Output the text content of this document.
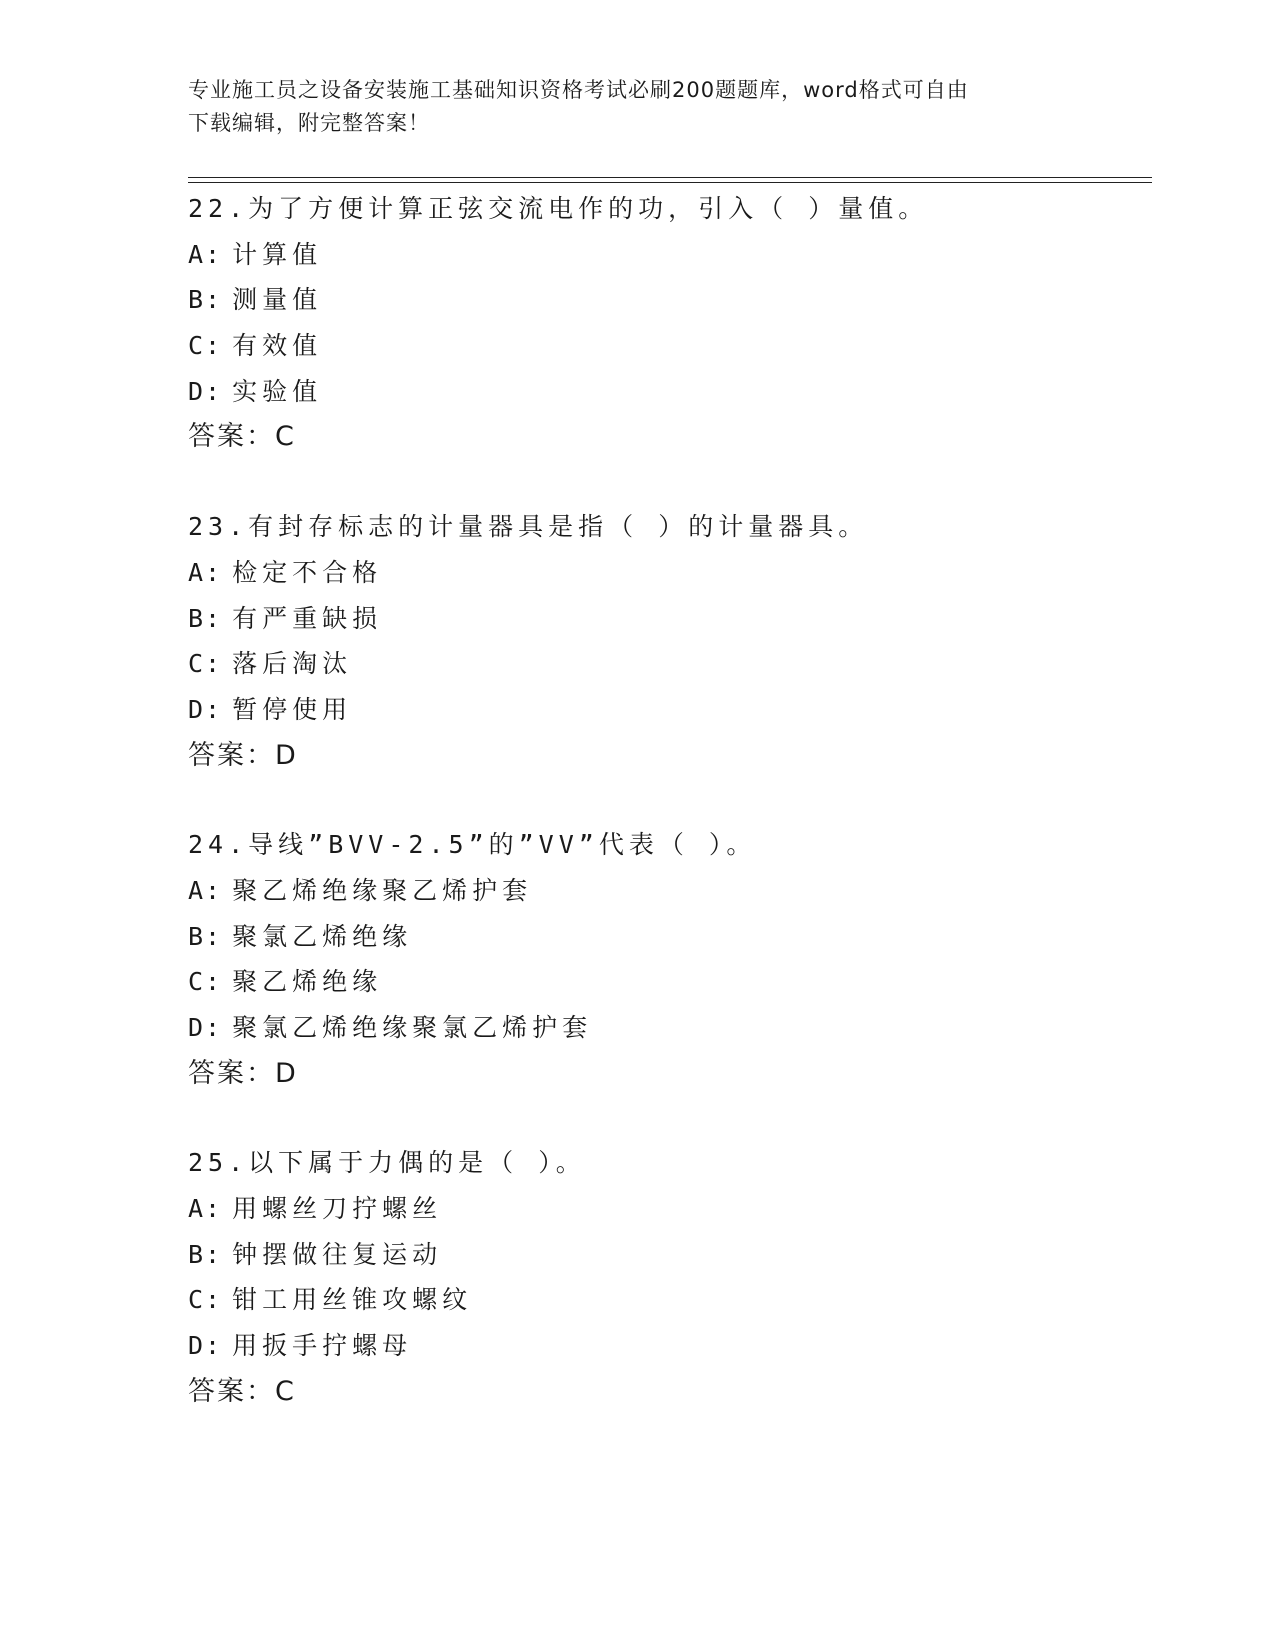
专业施工员之设备安装施工基础知识资格考试必刷200题题库，word格式可自由
下载编辑，附完整答案！
22.为了方便计算正弦交流电作的功，引入（ ）量值。
A: 计算值
B: 测量值
C: 有效值
D: 实验值
答案：C
23.有封存标志的计量器具是指（ ）的计量器具。
A: 检定不合格
B: 有严重缺损
C: 落后淘汰
D: 暂停使用
答案：D
24.导线”BVV-2.5”的”VV”代表（ ）。
A: 聚乙烯绝缘聚乙烯护套
B: 聚氯乙烯绝缘
C: 聚乙烯绝缘
D: 聚氯乙烯绝缘聚氯乙烯护套
答案：D
25.以下属于力偶的是（ ）。
A: 用螺丝刀拧螺丝
B: 钟摆做往复运动
C: 钳工用丝锥攻螺纹
D: 用扳手拧螺母
答案：C
